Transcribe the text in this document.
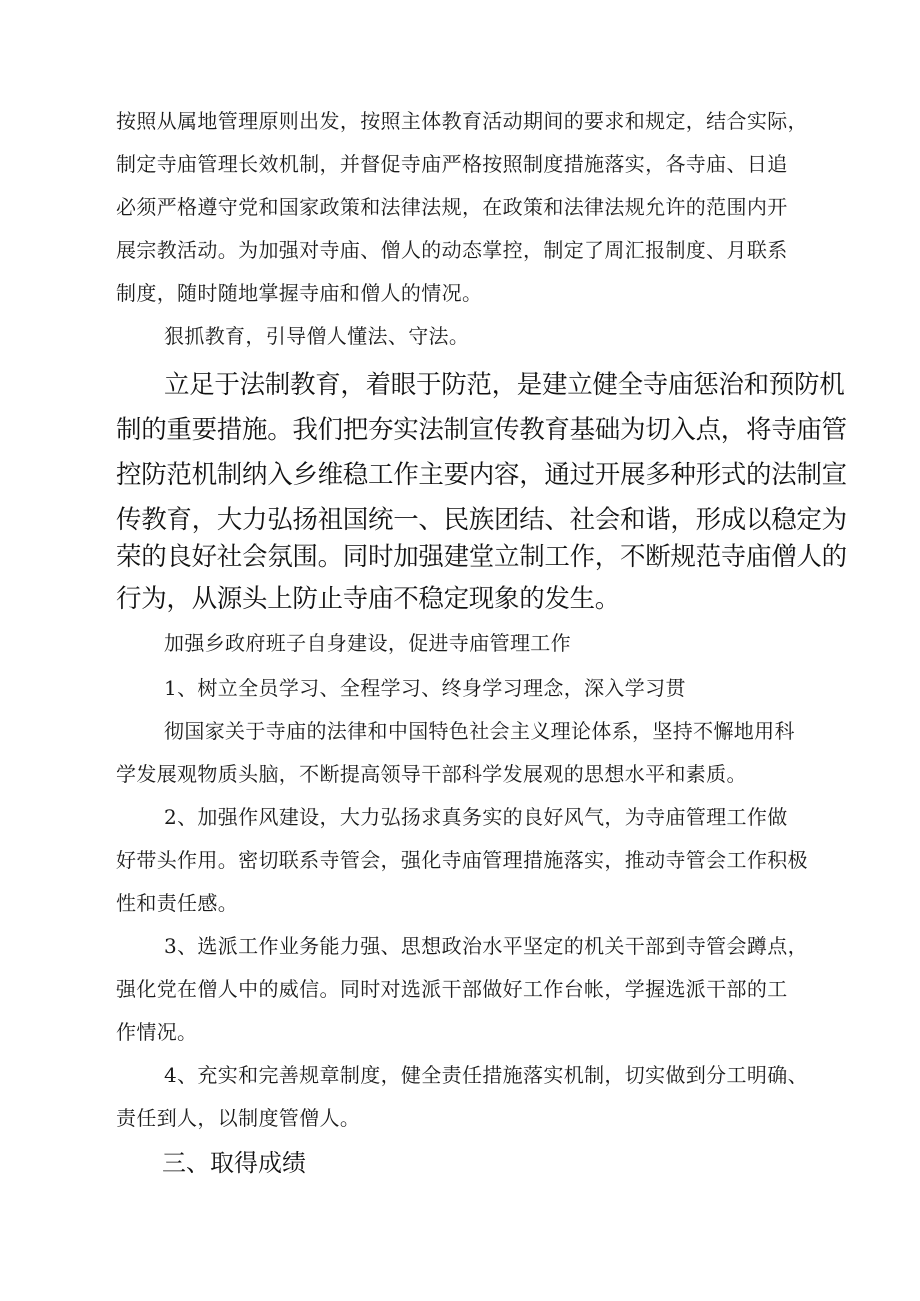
按照从属地管理原则出发，按照主体教育活动期间的要求和规定，结合实际，

制定寺庙管理长效机制，并督促寺庙严格按照制度措施落实，各寺庙、日追

必须严格遵守党和国家政策和法律法规，在政策和法律法规允许的范围内开

展宗教活动。为加强对寺庙、僧人的动态掌控，制定了周汇报制度、月联系

制度，随时随地掌握寺庙和僧人的情况。

狠抓教育，引导僧人懂法、守法。

立足于法制教育，着眼于防范，是建立健全寺庙惩治和预防机

制的重要措施。我们把夯实法制宣传教育基础为切入点，将寺庙管

控防范机制纳入乡维稳工作主要内容，通过开展多种形式的法制宣

传教育，大力弘扬祖国统一、民族团结、社会和谐，形成以稳定为

荣的良好社会氛围。同时加强建堂立制工作，不断规范寺庙僧人的

行为，从源头上防止寺庙不稳定现象的发生。

加强乡政府班子自身建设，促进寺庙管理工作

1、树立全员学习、全程学习、终身学习理念，深入学习贯

彻国家关于寺庙的法律和中国特色社会主义理论体系，坚持不懈地用科

学发展观物质头脑，不断提高领导干部科学发展观的思想水平和素质。

2、加强作风建设，大力弘扬求真务实的良好风气，为寺庙管理工作做

好带头作用。密切联系寺管会，强化寺庙管理措施落实，推动寺管会工作积极

性和责任感。

3、选派工作业务能力强、思想政治水平坚定的机关干部到寺管会蹲点，

强化党在僧人中的威信。同时对选派干部做好工作台帐，学握选派干部的工

作情况。

4、充实和完善规章制度，健全责任措施落实机制，切实做到分工明确、

责任到人，以制度管僧人。

三、取得成绩
